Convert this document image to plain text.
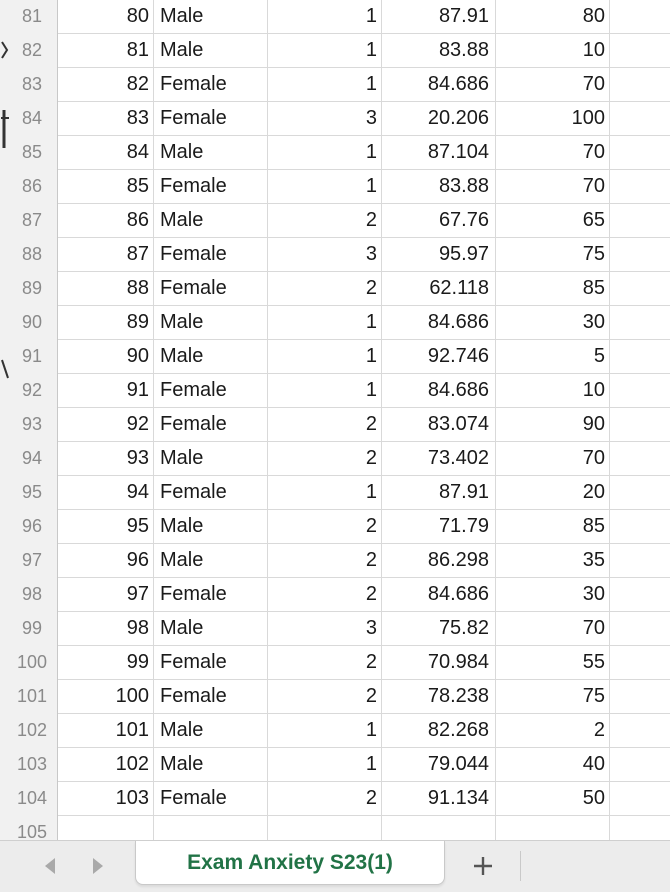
81	80 Male	1	87.91	80
82	81 Male	1	83.88	10
83	82 Female	1	84.686	70
84	83 Female	3	20.206	100
85	84 Male	1	87.104	70
86	85 Female	1	83.88	70
87	86 Male	2	67.76	65
88	87 Female	3	95.97	75
89	88 Female	2	62.118	85
90	89 Male	1	84.686	30
91	90 Male	1	92.746	5
92	91 Female	1	84.686	10
93	92 Female	2	83.074	90
94	93 Male	2	73.402	70
95	94 Female	1	87.91	20
96	95 Male	2	71.79	85
97	96 Male	2	86.298	35
98	97 Female	2	84.686	30
99	98 Male	3	75.82	70
100	99 Female	2	70.984	55
101	100 Female	2	78.238	75
102	101 Male	1	82.268	2
103	102 Male	1	79.044	40
104	103 Female	2	91.134	50
105
Exam Anxiety S23(1)
